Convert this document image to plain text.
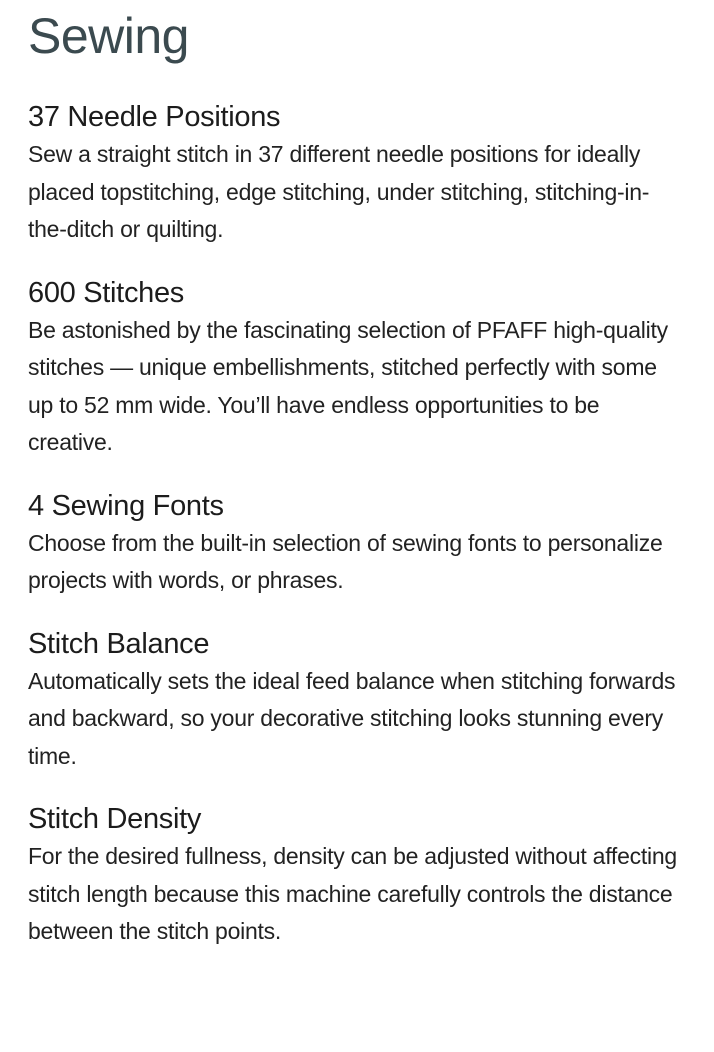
Sewing
37 Needle Positions

Sew a straight stitch in 37 different needle positions for ideally placed topstitching, edge stitching, under stitching, stitching-in-the-ditch or quilting.

600 Stitches

Be astonished by the fascinating selection of PFAFF high-quality stitches — unique embellishments, stitched perfectly with some up to 52 mm wide. You’ll have endless opportunities to be creative.

4 Sewing Fonts

Choose from the built-in selection of sewing fonts to personalize projects with words, or phrases.

Stitch Balance

Automatically sets the ideal feed balance when stitching forwards and backward, so your decorative stitching looks stunning every time.

Stitch Density

For the desired fullness, density can be adjusted without affecting stitch length because this machine carefully controls the distance between the stitch points.
